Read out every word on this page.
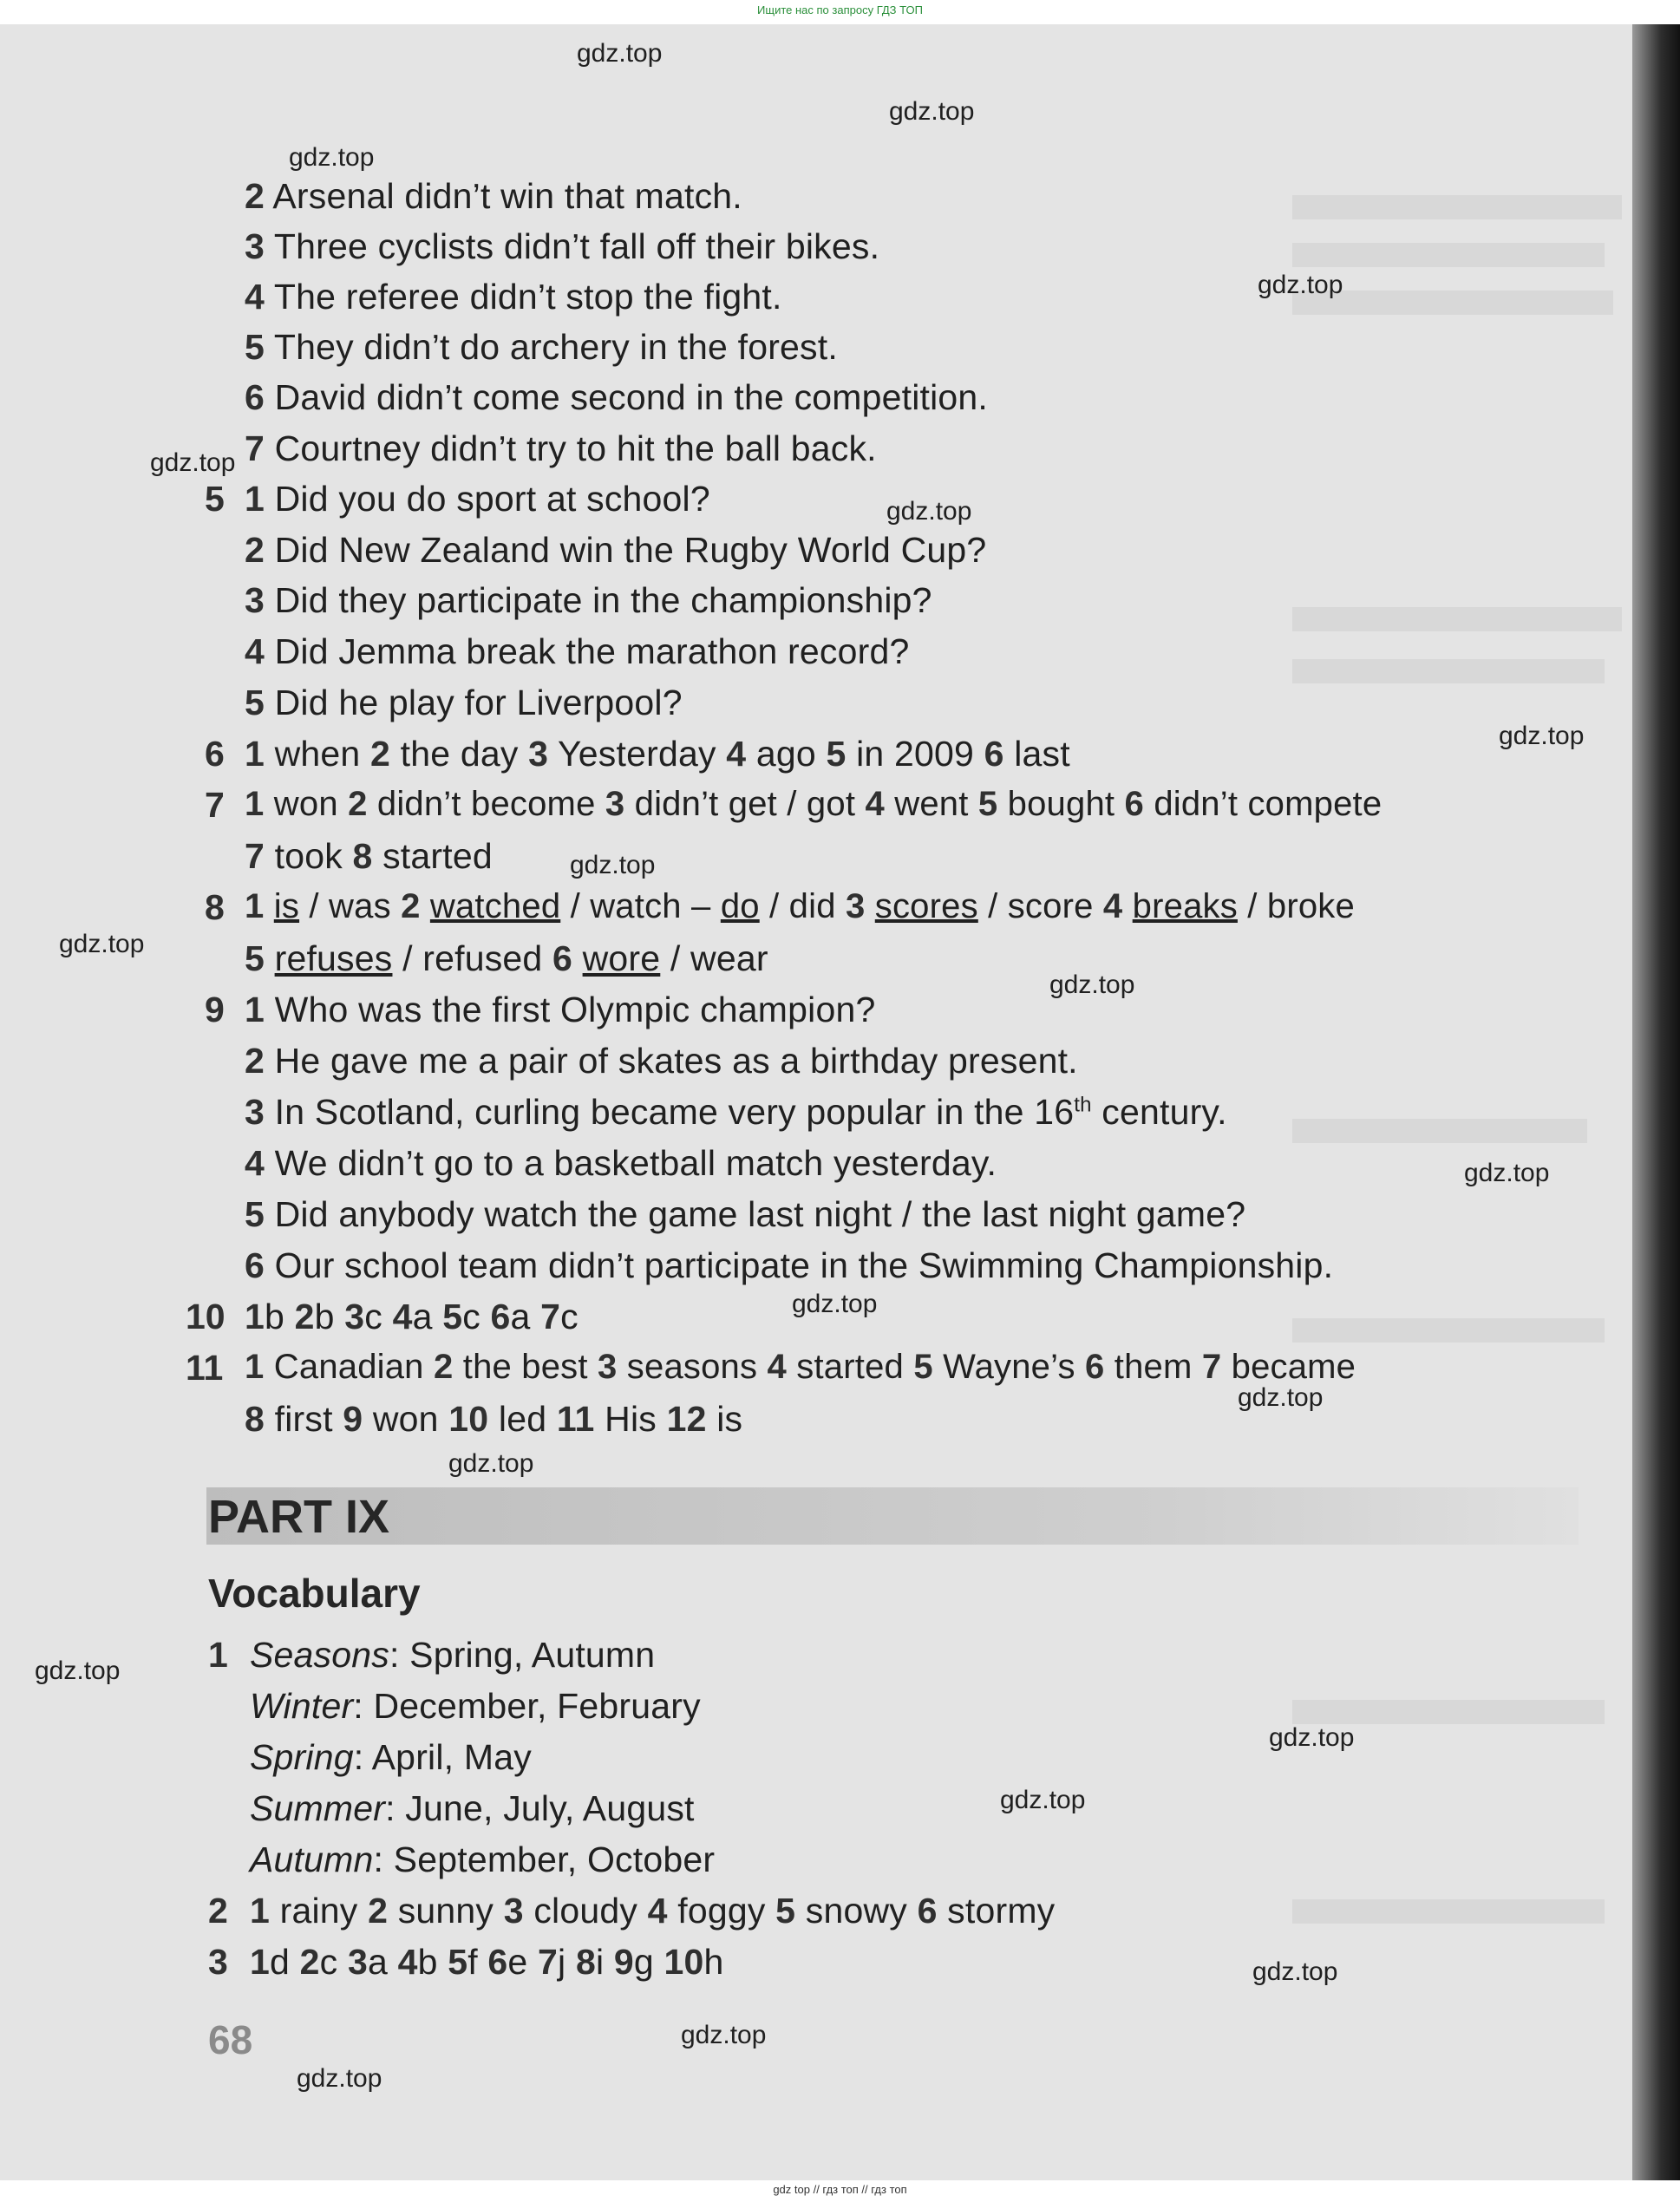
Ищите нас по запросу ГДЗ ТОП
2 Arsenal didn’t win that match.
3 Three cyclists didn’t fall off their bikes.
4 The referee didn’t stop the fight.
5 They didn’t do archery in the forest.
6 David didn’t come second in the competition.
7 Courtney didn’t try to hit the ball back.
5 1 Did you do sport at school?
2 Did New Zealand win the Rugby World Cup?
3 Did they participate in the championship?
4 Did Jemma break the marathon record?
5 Did he play for Liverpool?
6 1 when 2 the day 3 Yesterday 4 ago 5 in 2009 6 last
7 1 won 2 didn’t become 3 didn’t get / got 4 went 5 bought 6 didn’t compete
7 took 8 started
8 1 is / was 2 watched / watch – do / did 3 scores / score 4 breaks / broke
5 refuses / refused 6 wore / wear
9 1 Who was the first Olympic champion?
2 He gave me a pair of skates as a birthday present.
3 In Scotland, curling became very popular in the 16th century.
4 We didn’t go to a basketball match yesterday.
5 Did anybody watch the game last night / the last night game?
6 Our school team didn’t participate in the Swimming Championship.
10 1b 2b 3c 4a 5c 6a 7c
11 1 Canadian 2 the best 3 seasons 4 started 5 Wayne’s 6 them 7 became
8 first 9 won 10 led 11 His 12 is
PART IX
Vocabulary
1 Seasons: Spring, Autumn
Winter: December, February
Spring: April, May
Summer: June, July, August
Autumn: September, October
2 1 rainy 2 sunny 3 cloudy 4 foggy 5 snowy 6 stormy
3 1d 2c 3a 4b 5f 6e 7j 8i 9g 10h
68
gdz.top
gdz.top
gdz.top
gdz.top
gdz.top
gdz.top
gdz.top
gdz.top
gdz.top
gdz.top
gdz.top
gdz.top
gdz.top
gdz.top
gdz.top
gdz.top
gdz.top
gdz.top
gdz.top
gdz.top
gdz top // гдз топ // гдз топ
